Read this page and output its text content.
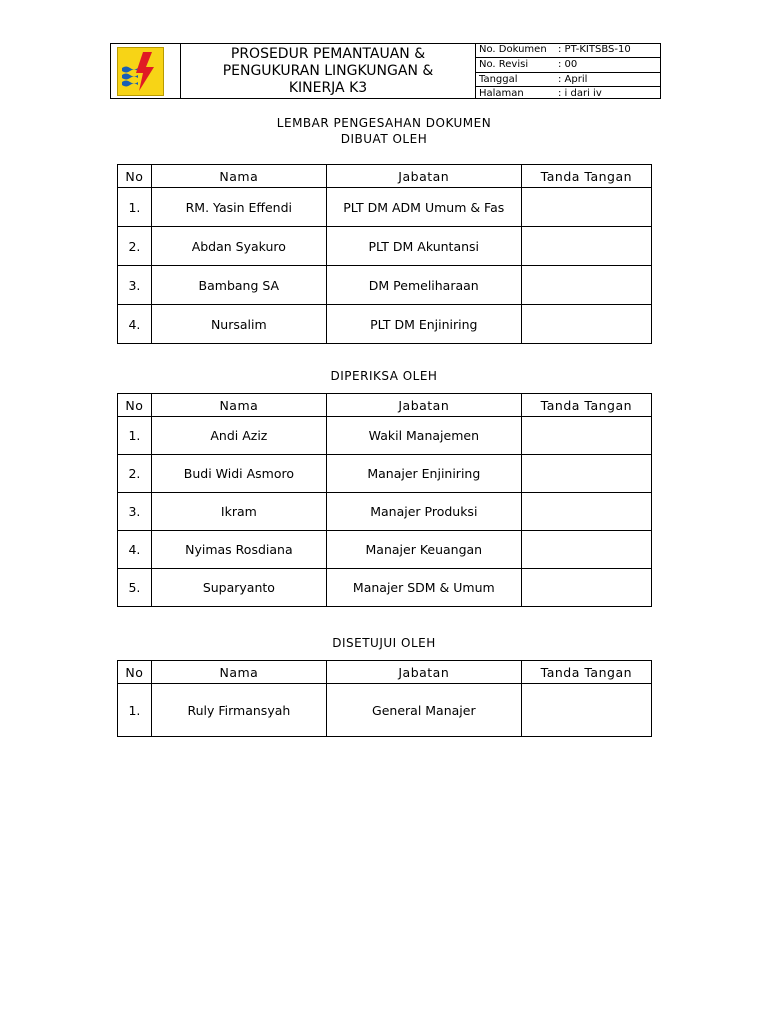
PROSEDUR PEMANTAUAN &
PENGUKURAN LINGKUNGAN &
KINERJA K3
No. Dokumen : PT-KITSBS-10
No. Revisi	: 00
Tanggal	: April
Halaman	: i dari iv
LEMBAR PENGESAHAN DOKUMEN
DIBUAT OLEH
No	Nama	Jabatan	Tanda Tangan
1.	RM. Yasin Effendi	PLT DM ADM Umum & Fas	
2.	Abdan Syakuro	PLT DM Akuntansi	
3.	Bambang SA	DM Pemeliharaan	
4.	Nursalim	PLT DM Enjiniring	
DIPERIKSA OLEH
No	Nama	Jabatan	Tanda Tangan
1.	Andi Aziz	Wakil Manajemen	
2.	Budi Widi Asmoro	Manajer Enjiniring	
3.	Ikram	Manajer Produksi	
4.	Nyimas Rosdiana	Manajer Keuangan	
5.	Suparyanto	Manajer SDM & Umum	
DISETUJUI OLEH
No	Nama	Jabatan	Tanda Tangan
1.	Ruly Firmansyah	General Manajer	
